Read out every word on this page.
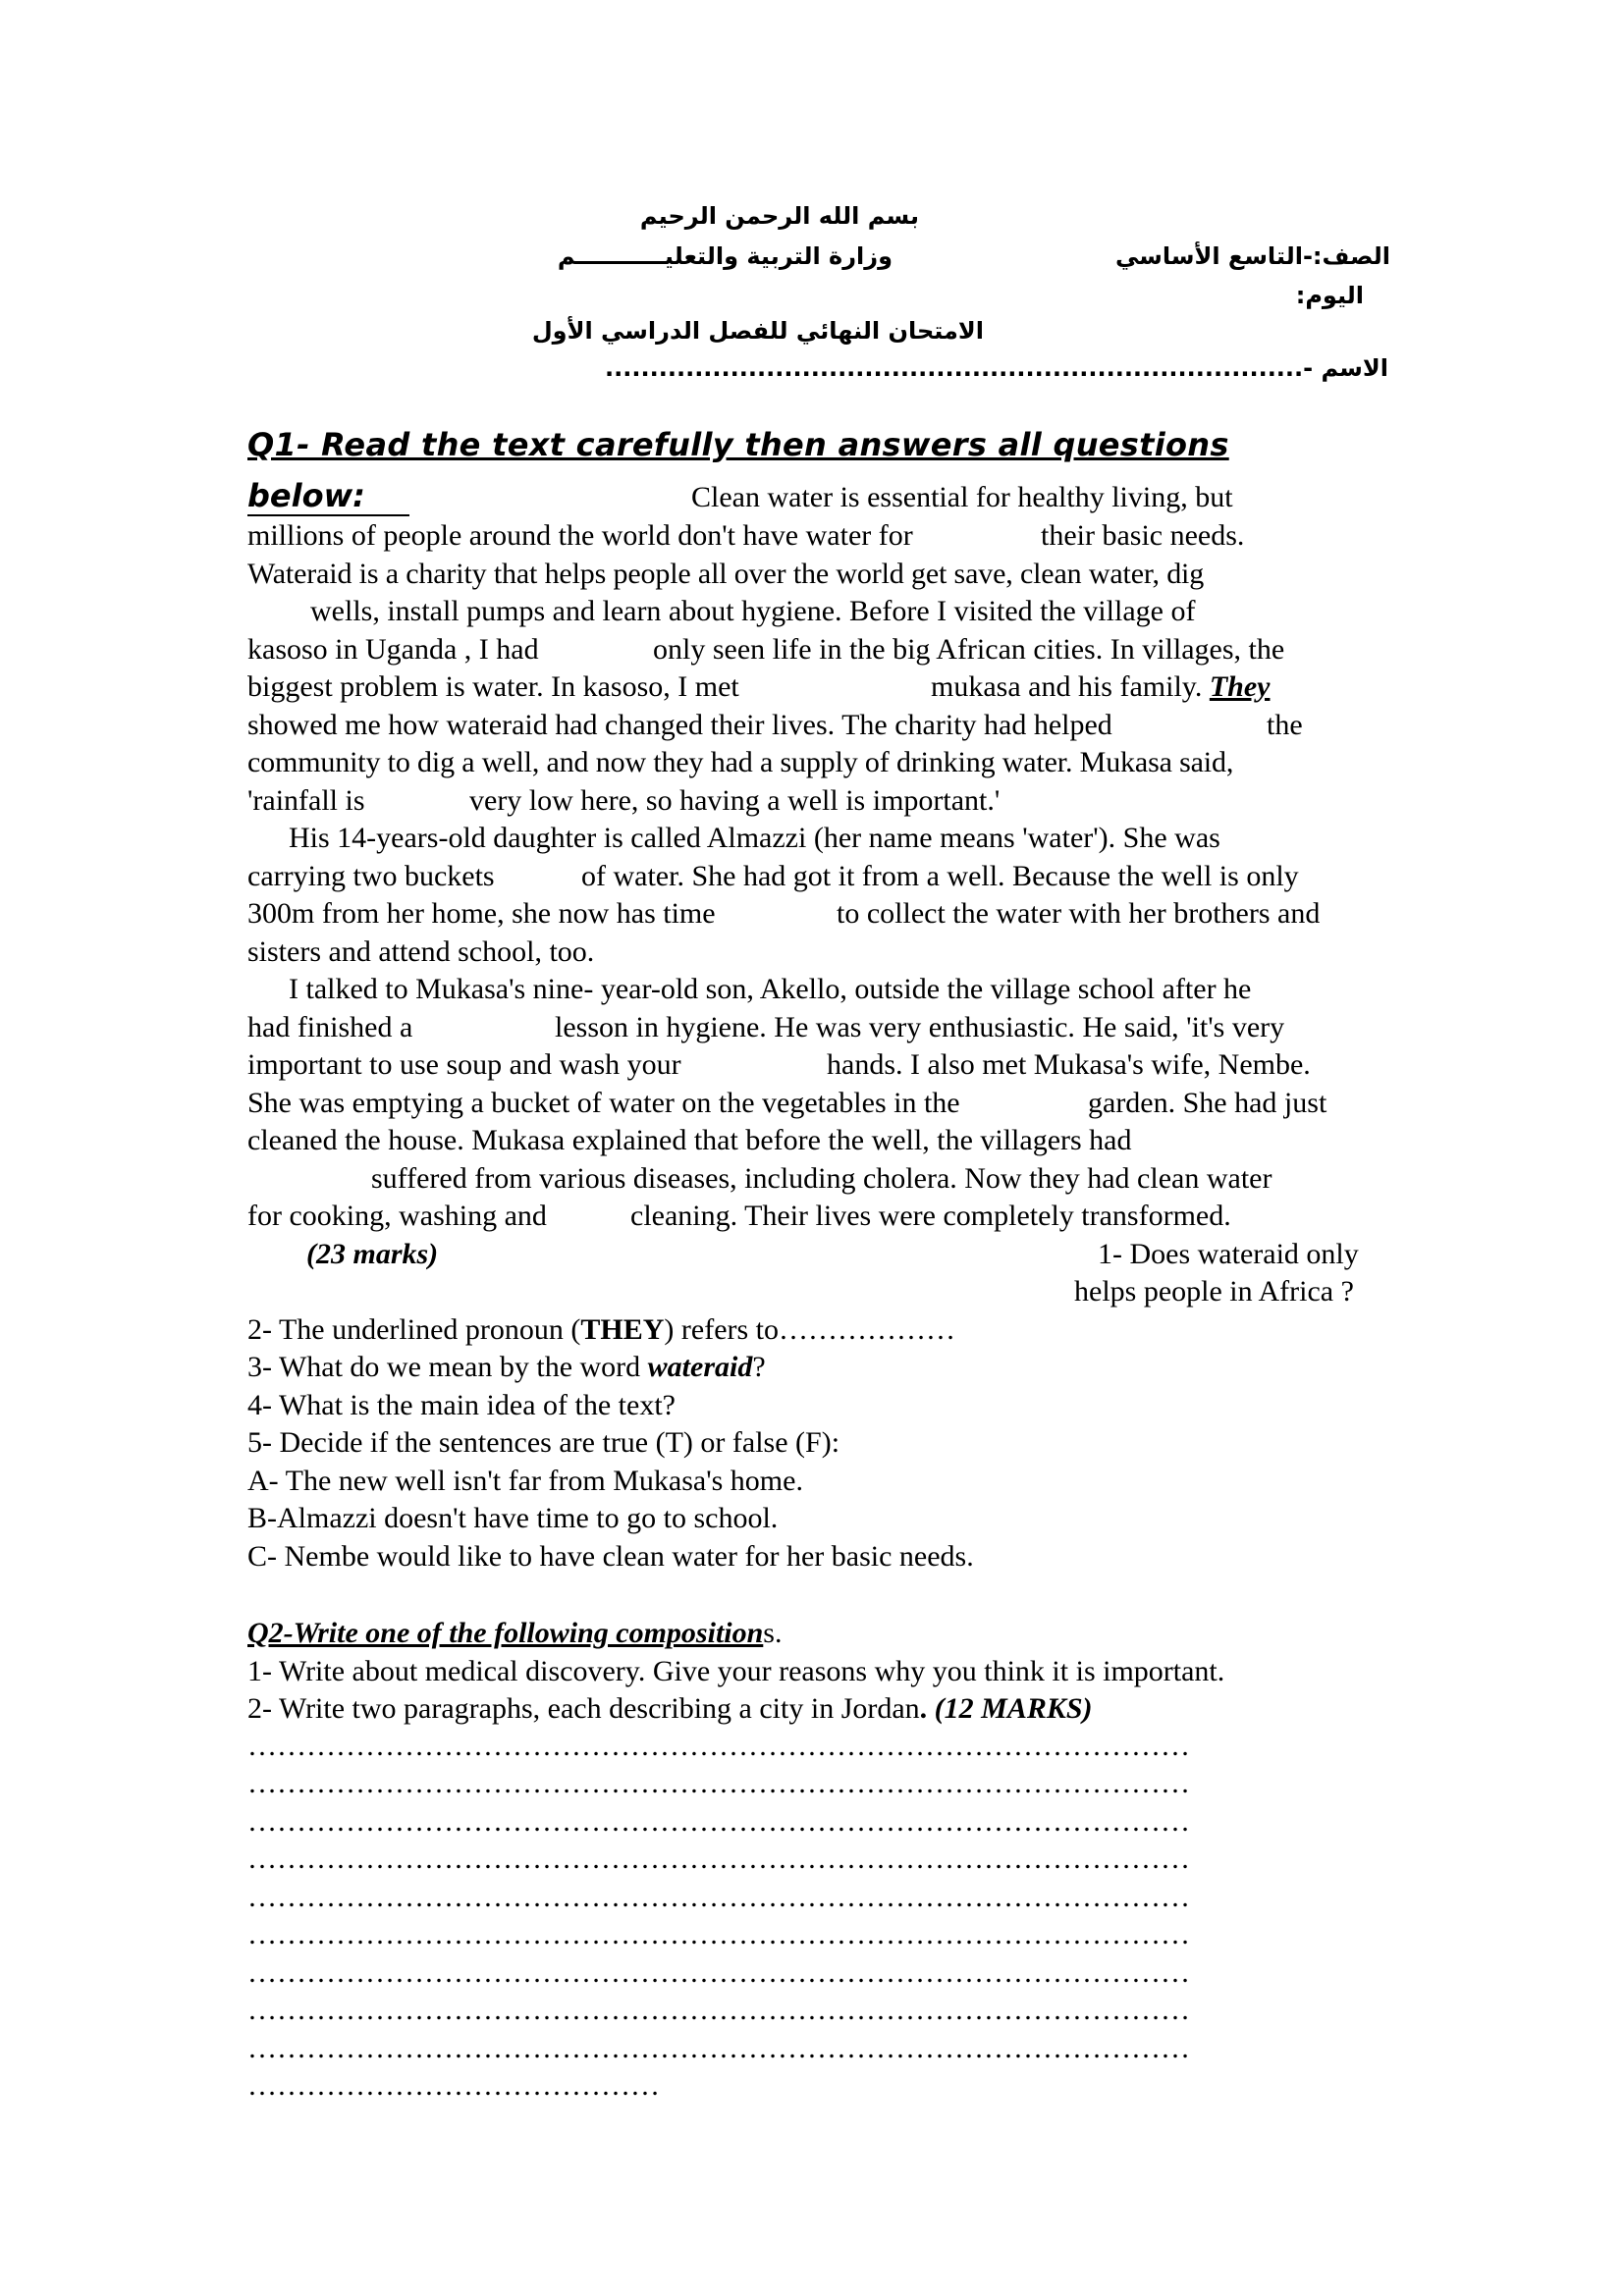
بسم الله الرحمن الرحيم
وزارة التربية والتعليـــــــــــم	الصف:-التاسع الأساسي
اليوم:
الامتحان النهائي للفصل الدراسي الأول
الاسم -..............................................................................
Q1- Read the text carefully then answers all questions
below:	Clean water is essential for healthy living, but
millions of people around the world don't have water for	their basic needs.
Wateraid is a charity that helps people all over the world get save, clean water, dig
wells, install pumps and learn about hygiene. Before I visited the village of
kasoso in Uganda , I had	only seen life in the big African cities. In villages, the
biggest problem is water. In kasoso, I met	mukasa and his family. They
showed me how wateraid had changed their lives. The charity had helped	the
community to dig a well, and now they had a supply of drinking water. Mukasa said,
'rainfall is	very low here, so having a well is important.'
His 14-years-old daughter is called Almazzi (her name means 'water'). She was
carrying two buckets	of water. She had got it from a well. Because the well is only
300m from her home, she now has time	to collect the water with her brothers and
sisters and attend school, too.
I talked to Mukasa's nine- year-old son, Akello, outside the village school after he
had finished a	lesson in hygiene. He was very enthusiastic. He said, 'it's very
important to use soup and wash your	hands. I also met Mukasa's wife, Nembe.
She was emptying a bucket of water on the vegetables in the	garden. She had just
cleaned the house. Mukasa explained that before the well, the villagers had
suffered from various diseases, including cholera. Now they had clean water
for cooking, washing and	cleaning. Their lives were completely transformed.
(23 marks)	1- Does wateraid only
helps people in Africa ?
2- The underlined pronoun (THEY) refers to………………
3- What do we mean by the word wateraid?
4- What is the main idea of the text?
5- Decide if the sentences are true (T) or false (F):
A- The new well isn't far from Mukasa's home.
B-Almazzi doesn't have time to go to school.
C- Nembe would like to have clean water for her basic needs.
Q2-Write one of the following compositions.
1- Write about medical discovery. Give your reasons why you think it is important.
2- Write two paragraphs, each describing a city in Jordan. (12 MARKS)
……………………………………………………………………………………
……………………………………………………………………………………
……………………………………………………………………………………
……………………………………………………………………………………
……………………………………………………………………………………
……………………………………………………………………………………
……………………………………………………………………………………
……………………………………………………………………………………
……………………………………………………………………………………
……………………………………
